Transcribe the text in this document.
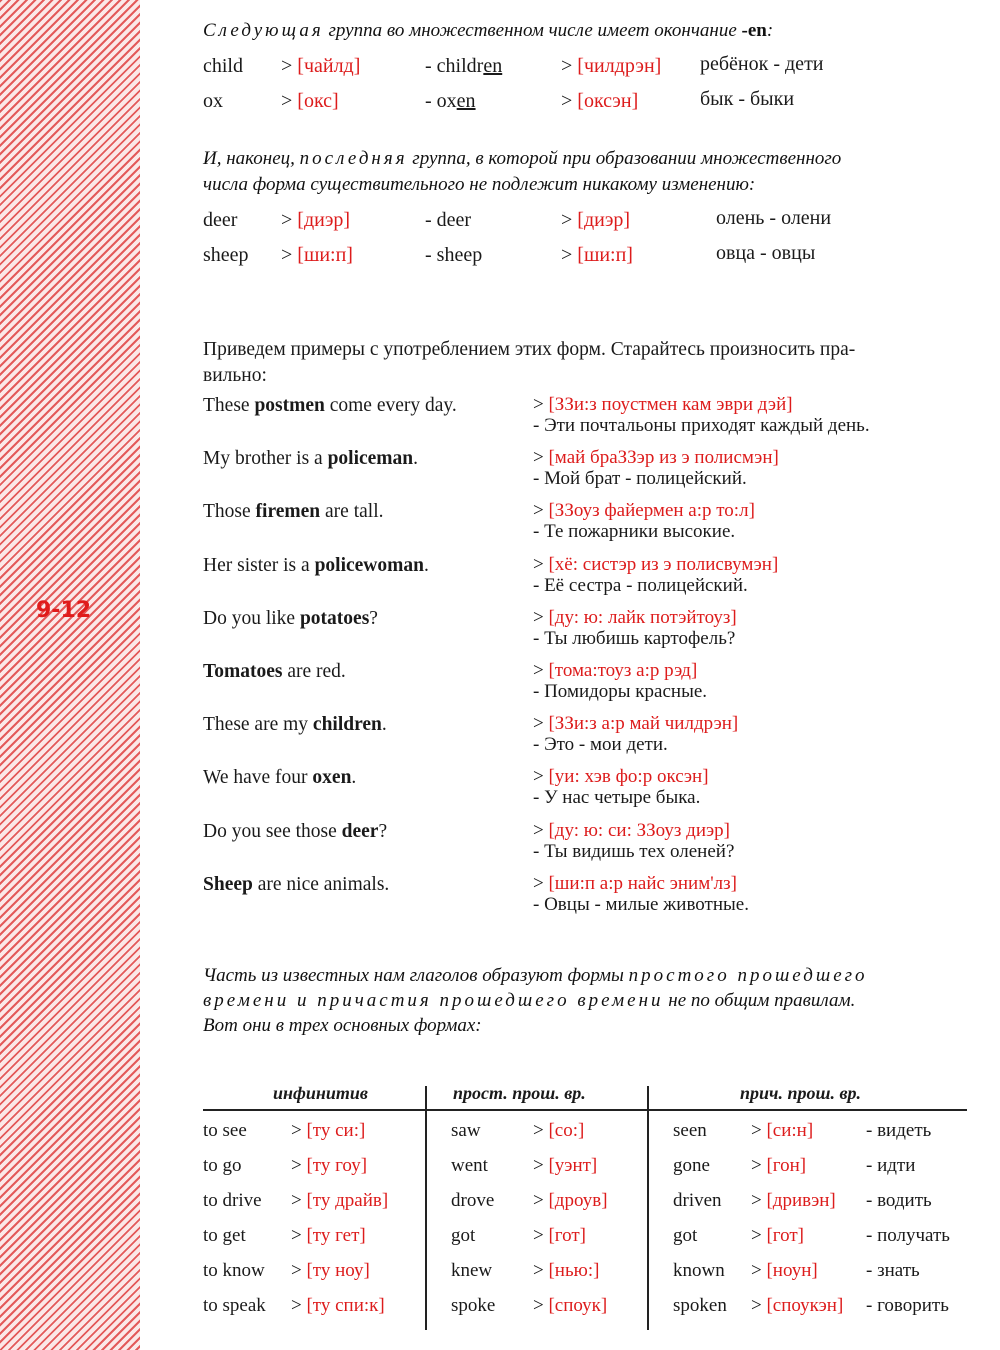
9-12
Следующая группа во множественном числе имеет окончание -en:
child > [чайлд]	- children	> [чилдрэн] ребёнок - дети
ox	> [окс]	- oxen	> [оксэн]	бык - быки
И, наконец, последняя группа, в которой при образовании множественного
числа форма существительного не подлежит никакому изменению:
deer > [диэр]	- deer	> [диэр]	олень - олени
sheep > [ши:п]	- sheep	> [ши:п]	овца - овцы
Приведем примеры с употреблением этих форм. Старайтесь произносить пра-
вильно:
These postmen come every day.	> [ЗЗи:з поустмен кам эври дэй]
- Эти почтальоны приходят каждый день.
My brother is a policeman.	> [май браЗЗэр из э полисмэн]
- Мой брат - полицейский.
Those firemen are tall.	> [ЗЗоуз файермен а:р то:л]
- Те пожарники высокие.
Her sister is a policewoman.	> [хё: систэр из э полисвумэн]
- Её сестра - полицейский.
Do you like potatoes?	> [ду: ю: лайк потэйтоуз]
- Ты любишь картофель?
Tomatoes are red.	> [тома:тоуз а:р рэд]
- Помидоры красные.
These are my children.	> [ЗЗи:з а:р май чилдрэн]
- Это - мои дети.
We have four oxen.	> [уи: хэв фо:р оксэн]
- У нас четыре быка.
Do you see those deer?	> [ду: ю: си: ЗЗоуз диэр]
- Ты видишь тех оленей?
Sheep are nice animals.	> [ши:п а:р найс эним'лз]
- Овцы - милые животные.
Часть из известных нам глаголов образуют формы простого прошедшего
времени и причастия прошедшего времени не по общим правилам.
Вот они в трех основных формах:
инфинитив	прост. прош. вр.	прич. прош. вр.
to see > [ту си:]	saw	> [со:]	seen > [си:н]	- видеть
to go	> [ту гоу]	went > [уэнт]	gone > [гон]	- идти
to drive > [ту драйв]	drove > [дроув]	driven > [дривэн] - водить
to get > [ту гет]	got	> [гот]	got	> [гот]	- получать
to know > [ту ноу]	knew > [нью:]	known > [ноун]	- знать
to speak > [ту спи:к]	spoke > [споук]	spoken > [споукэн] - говорить
